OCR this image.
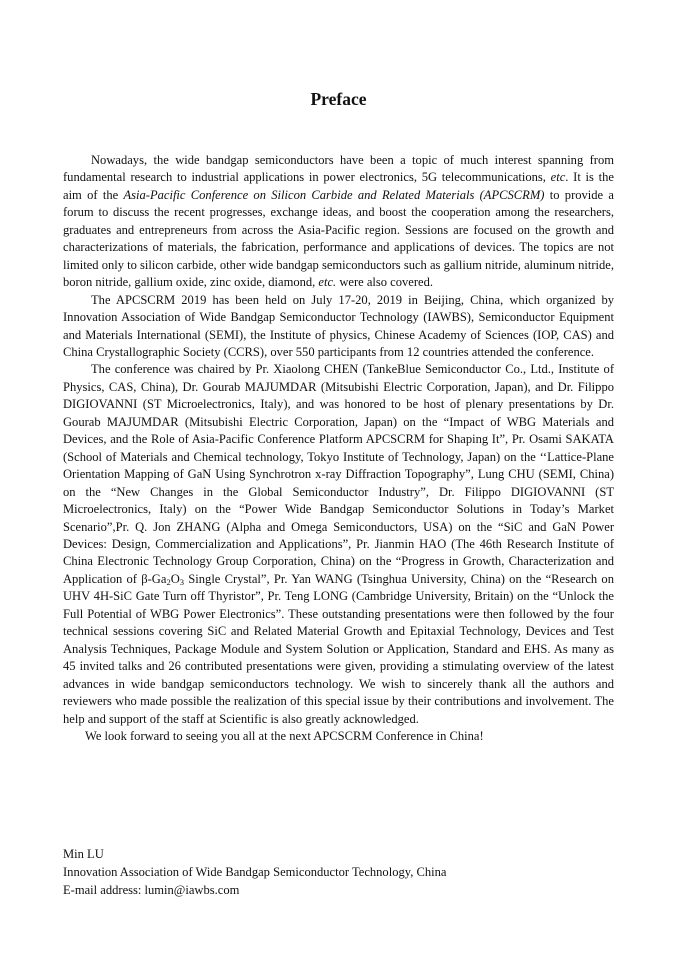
Preface

Nowadays, the wide bandgap semiconductors have been a topic of much interest spanning from fundamental research to industrial applications in power electronics, 5G telecommunications, etc. It is the aim of the Asia-Pacific Conference on Silicon Carbide and Related Materials (APCSCRM) to provide a forum to discuss the recent progresses, exchange ideas, and boost the cooperation among the researchers, graduates and entrepreneurs from across the Asia-Pacific region. Sessions are focused on the growth and characterizations of materials, the fabrication, performance and applications of devices. The topics are not limited only to silicon carbide, other wide bandgap semiconductors such as gallium nitride, aluminum nitride, boron nitride, gallium oxide, zinc oxide, diamond, etc. were also covered.

The APCSCRM 2019 has been held on July 17-20, 2019 in Beijing, China, which organized by Innovation Association of Wide Bandgap Semiconductor Technology (IAWBS), Semiconductor Equipment and Materials International (SEMI), the Institute of physics, Chinese Academy of Sciences (IOP, CAS) and China Crystallographic Society (CCRS), over 550 participants from 12 countries attended the conference.

The conference was chaired by Pr. Xiaolong CHEN (TankeBlue Semiconductor Co., Ltd., Institute of Physics, CAS, China), Dr. Gourab MAJUMDAR (Mitsubishi Electric Corporation, Japan), and Dr. Filippo DIGIOVANNI (ST Microelectronics, Italy), and was honored to be host of plenary presentations by Dr. Gourab MAJUMDAR (Mitsubishi Electric Corporation, Japan) on the “Impact of WBG Materials and Devices, and the Role of Asia-Pacific Conference Platform APCSCRM for Shaping It”, Pr. Osami SAKATA (School of Materials and Chemical technology, Tokyo Institute of Technology, Japan) on the ‘‘Lattice-Plane Orientation Mapping of GaN Using Synchrotron x-ray Diffraction Topography”, Lung CHU (SEMI, China) on the “New Changes in the Global Semiconductor Industry”, Dr. Filippo DIGIOVANNI (ST Microelectronics, Italy) on the “Power Wide Bandgap Semiconductor Solutions in Today’s Market Scenario”,Pr. Q. Jon ZHANG (Alpha and Omega Semiconductors, USA) on the “SiC and GaN Power Devices: Design, Commercialization and Applications”, Pr. Jianmin HAO (The 46th Research Institute of China Electronic Technology Group Corporation, China) on the “Progress in Growth, Characterization and Application of $\beta-Ga_2O_3$ Single Crystal”, Pr. Yan WANG (Tsinghua University, China) on the “Research on UHV 4H-SiC Gate Turn off Thyristor”, Pr. Teng LONG (Cambridge University, Britain) on the “Unlock the Full Potential of WBG Power Electronics”. These outstanding presentations were then followed by the four technical sessions covering SiC and Related Material Growth and Epitaxial Technology, Devices and Test Analysis Techniques, Package Module and System Solution or Application, Standard and EHS. As many as 45 invited talks and 26 contributed presentations were given, providing a stimulating overview of the latest advances in wide bandgap semiconductors technology. We wish to sincerely thank all the authors and reviewers who made possible the realization of this special issue by their contributions and involvement. The help and support of the staff at Scientific is also greatly acknowledged.

We look forward to seeing you all at the next APCSCRM Conference in China!

Min LU
Innovation Association of Wide Bandgap Semiconductor Technology, China
E-mail address: lumin@iawbs.com
